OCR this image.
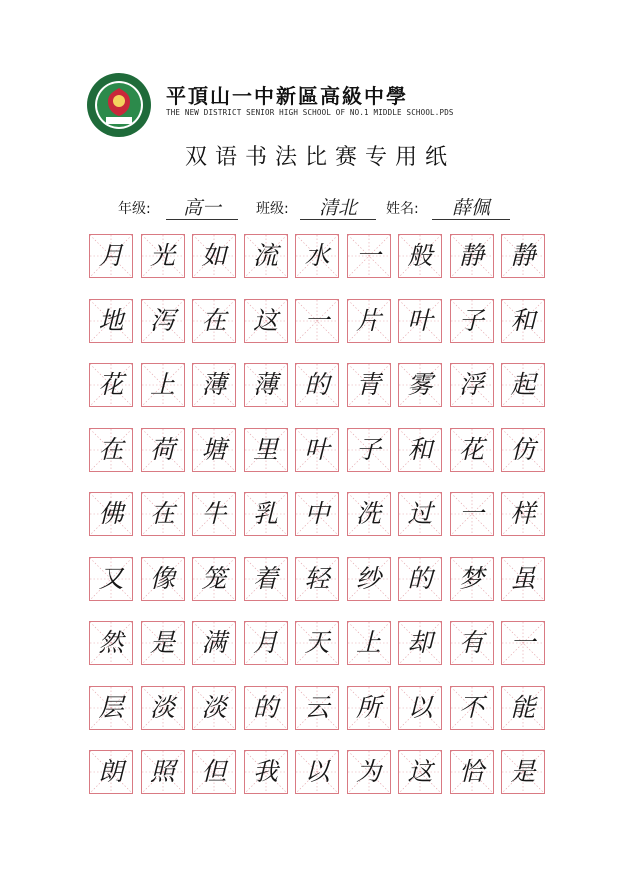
平頂山一中新區高級中學
THE NEW DISTRICT SENIOR HIGH SCHOOL OF NO.1 MIDDLE SCHOOL.PDS
双语书法比赛专用纸
年级:	高一	班级:	清北	姓名:	薛佩
月	光	如	流	水	一	般	静	静
地	泻	在	这	一	片	叶	子	和
花	上	薄	薄	的	青	雾	浮	起
在	荷	塘	里	叶	子	和	花	仿
佛	在	牛	乳	中	洗	过	一	样
又	像	笼	着	轻	纱	的	梦	虽
然	是	满	月	天	上	却	有	一
层	淡	淡	的	云	所	以	不	能
朗	照	但	我	以	为	这	恰	是
